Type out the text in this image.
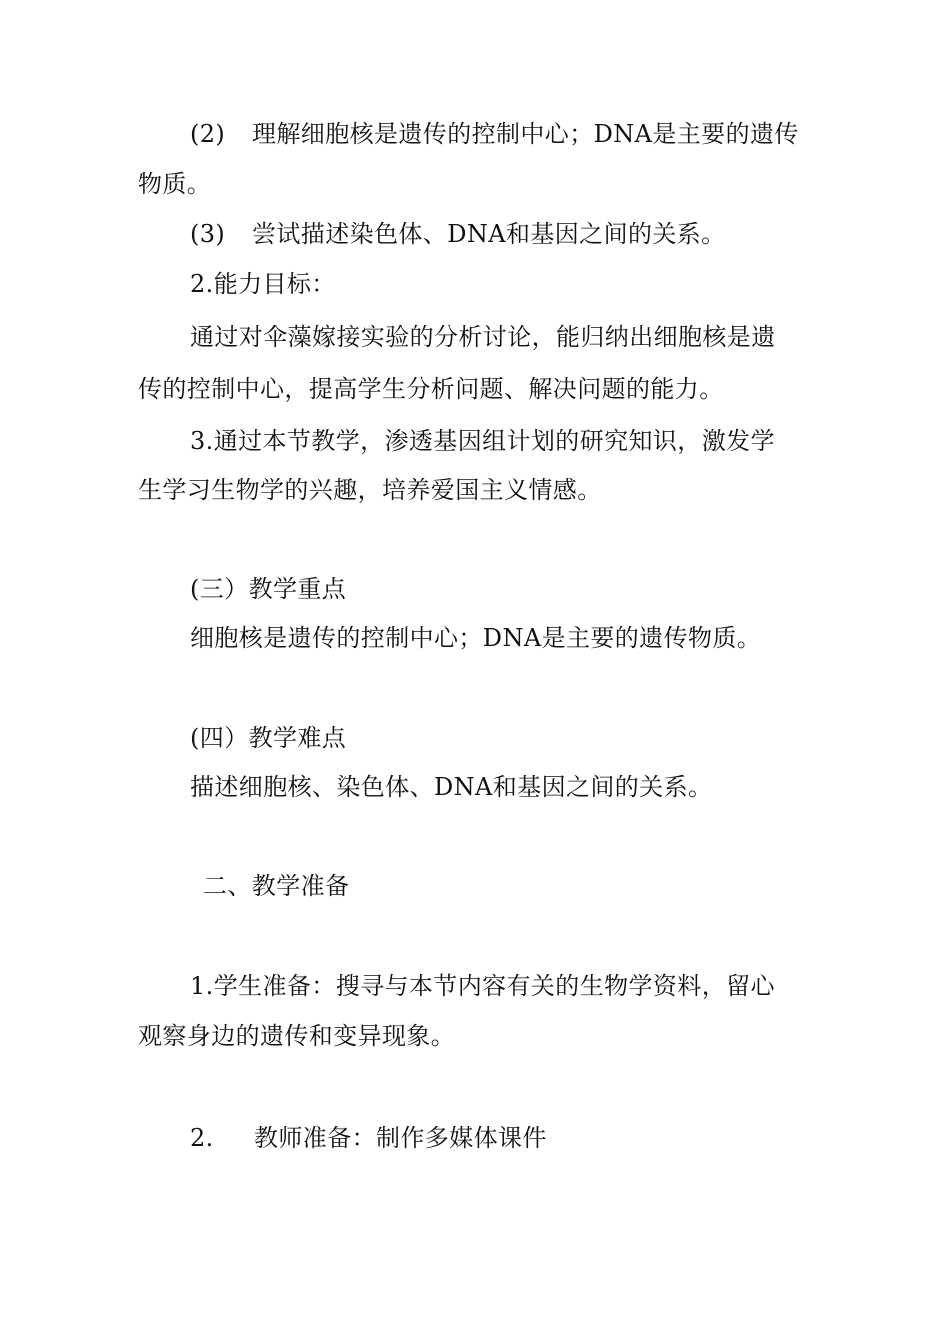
(2) 理解细胞核是遗传的控制中心；DNA是主要的遗传
物质。
(3) 尝试描述染色体、DNA和基因之间的关系。
2.能力目标：
通过对伞藻嫁接实验的分析讨论，能归纳出细胞核是遗
传的控制中心，提高学生分析问题、解决问题的能力。
3.通过本节教学，渗透基因组计划的研究知识，激发学
生学习生物学的兴趣，培养爱国主义情感。
(三）教学重点
细胞核是遗传的控制中心；DNA是主要的遗传物质。
(四）教学难点
描述细胞核、染色体、DNA和基因之间的关系。
二、教学准备
1.学生准备：搜寻与本节内容有关的生物学资料，留心
观察身边的遗传和变异现象。
2. 教师准备：制作多媒体课件
